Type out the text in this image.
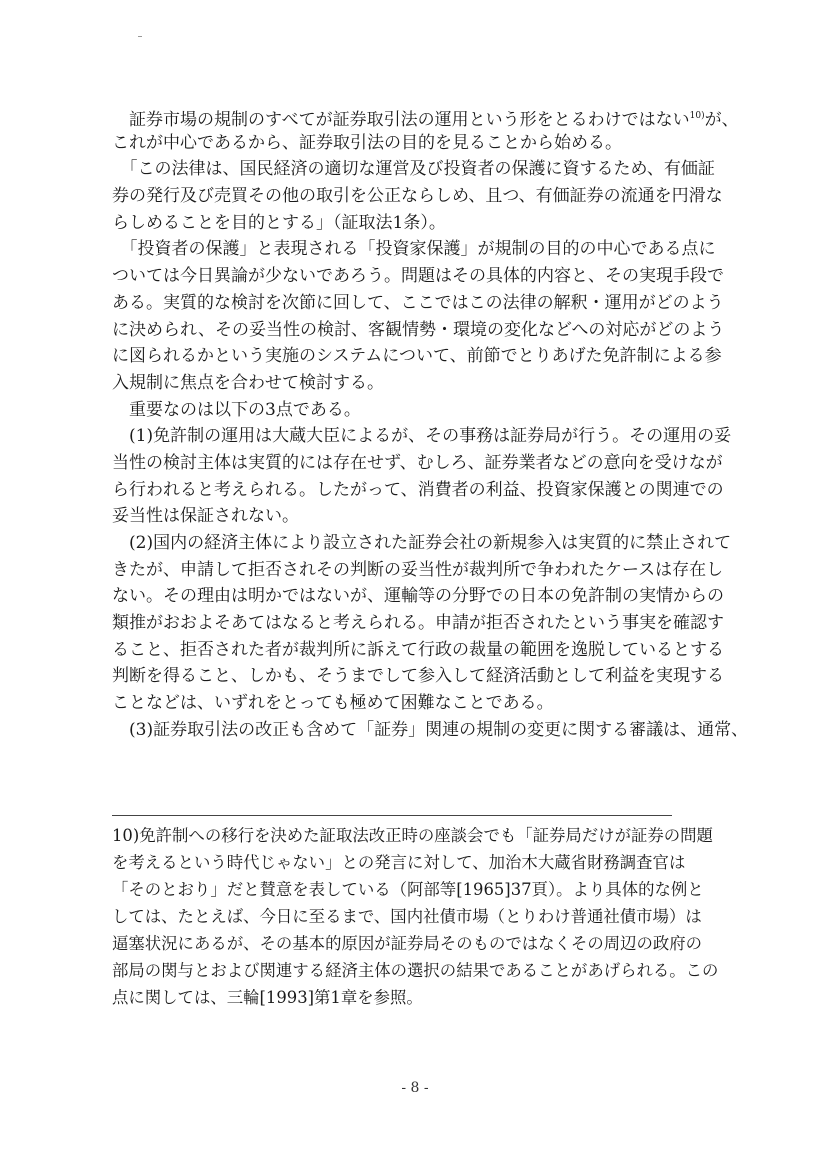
　証券市場の規制のすべてが証券取引法の運用という形をとるわけではない$^{10)}$が、
これが中心であるから、証券取引法の目的を見ることから始める。
　「この法律は、国民経済の適切な運営及び投資者の保護に資するため、有価証
券の発行及び売買その他の取引を公正ならしめ、且つ、有価証券の流通を円滑な
らしめることを目的とする」（証取法1条）。
　「投資者の保護」と表現される「投資家保護」が規制の目的の中心である点に
ついては今日異論が少ないであろう。問題はその具体的内容と、その実現手段で
ある。実質的な検討を次節に回して、ここではこの法律の解釈・運用がどのよう
に決められ、その妥当性の検討、客観情勢・環境の変化などへの対応がどのよう
に図られるかという実施のシステムについて、前節でとりあげた免許制による参
入規制に焦点を合わせて検討する。
　重要なのは以下の3点である。
　(1)免許制の運用は大蔵大臣によるが、その事務は証券局が行う。その運用の妥
当性の検討主体は実質的には存在せず、むしろ、証券業者などの意向を受けなが
ら行われると考えられる。したがって、消費者の利益、投資家保護との関連での
妥当性は保証されない。
　(2)国内の経済主体により設立された証券会社の新規参入は実質的に禁止されて
きたが、申請して拒否されその判断の妥当性が裁判所で争われたケースは存在し
ない。その理由は明かではないが、運輸等の分野での日本の免許制の実情からの
類推がおおよそあてはなると考えられる。申請が拒否されたという事実を確認す
ること、拒否された者が裁判所に訴えて行政の裁量の範囲を逸脱しているとする
判断を得ること、しかも、そうまでして参入して経済活動として利益を実現する
ことなどは、いずれをとっても極めて困難なことである。
　(3)証券取引法の改正も含めて「証券」関連の規制の変更に関する審議は、通常、
10)免許制への移行を決めた証取法改正時の座談会でも「証券局だけが証券の問題
を考えるという時代じゃない」との発言に対して、加治木大蔵省財務調査官は
「そのとおり」だと賛意を表している（阿部等[1965]37頁）。より具体的な例と
しては、たとえば、今日に至るまで、国内社債市場（とりわけ普通社債市場）は
逼塞状況にあるが、その基本的原因が証券局そのものではなくその周辺の政府の
部局の関与とおよび関連する経済主体の選択の結果であることがあげられる。この
点に関しては、三輪[1993]第1章を参照。
- 8 -
